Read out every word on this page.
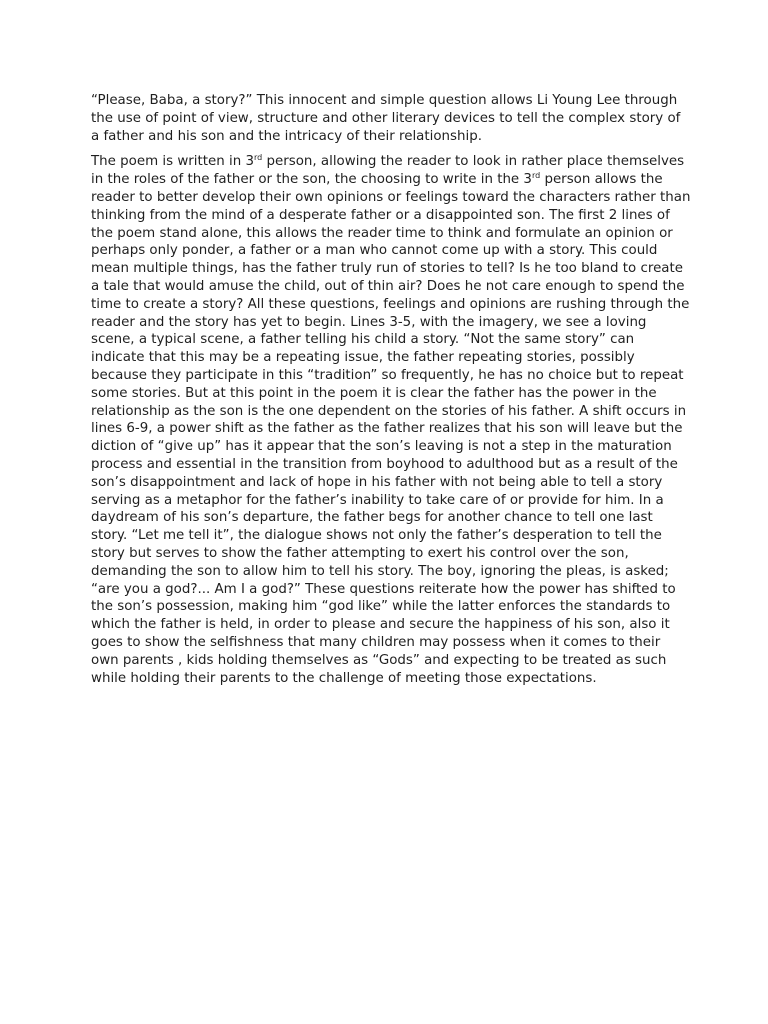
“Please, Baba, a story?” This innocent and simple question allows Li Young Lee through the use of point of view, structure and other literary devices to tell the complex story of a father and his son and the intricacy of their relationship.

The poem is written in 3rd person, allowing the reader to look in rather place themselves in the roles of the father or the son, the choosing to write in the 3rd person allows the reader to better develop their own opinions or feelings toward the characters rather than thinking from the mind of a desperate father or a disappointed son. The first 2 lines of the poem stand alone, this allows the reader time to think and formulate an opinion or perhaps only ponder, a father or a man who cannot come up with a story. This could mean multiple things, has the father truly run of stories to tell? Is he too bland to create a tale that would amuse the child, out of thin air? Does he not care enough to spend the time to create a story? All these questions, feelings and opinions are rushing through the reader and the story has yet to begin. Lines 3-5, with the imagery, we see a loving scene, a typical scene, a father telling his child a story. “Not the same story” can indicate that this may be a repeating issue, the father repeating stories, possibly because they participate in this “tradition” so frequently, he has no choice but to repeat some stories. But at this point in the poem it is clear the father has the power in the relationship as the son is the one dependent on the stories of his father. A shift occurs in lines 6-9, a power shift as the father as the father realizes that his son will leave but the diction of “give up” has it appear that the son’s leaving is not a step in the maturation process and essential in the transition from boyhood to adulthood but as a result of the son’s disappointment and lack of hope in his father with not being able to tell a story serving as a metaphor for the father’s inability to take care of or provide for him. In a daydream of his son’s departure, the father begs for another chance to tell one last story. “Let me tell it”, the dialogue shows not only the father’s desperation to tell the story but serves to show the father attempting to exert his control over the son, demanding the son to allow him to tell his story. The boy, ignoring the pleas, is asked; “are you a god?... Am I a god?” These questions reiterate how the power has shifted to the son’s possession, making him “god like” while the latter enforces the standards to which the father is held, in order to please and secure the happiness of his son, also it goes to show the selfishness that many children may possess when it comes to their own parents , kids holding themselves as “Gods” and expecting to be treated as such while holding their parents to the challenge of meeting those expectations.
